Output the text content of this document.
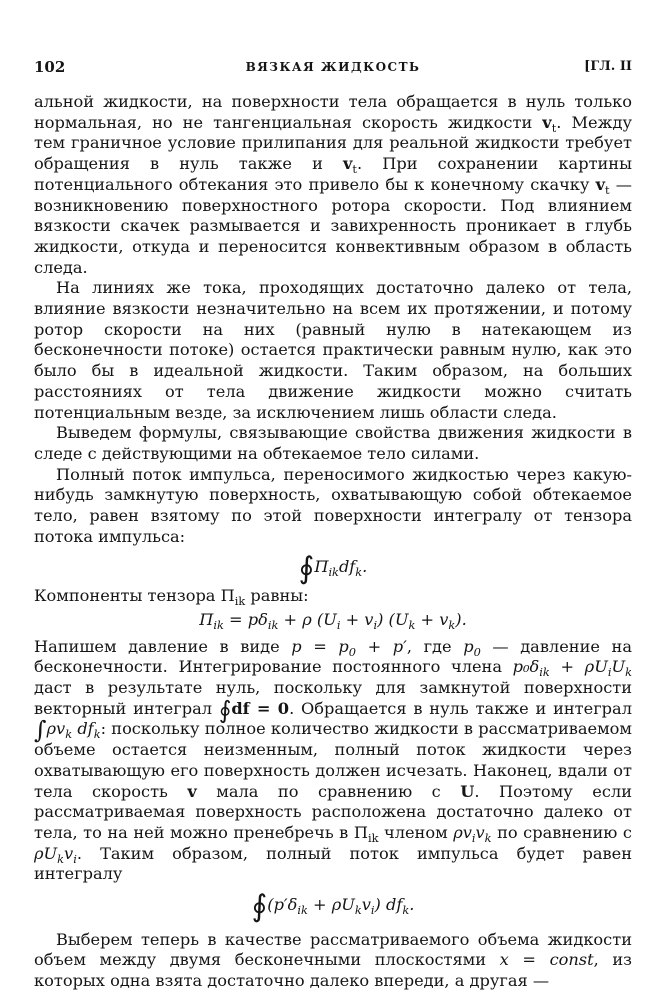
102	ВЯЗКАЯ ЖИДКОСТЬ	[ГЛ. II

альной жидкости, на поверхности тела обращается в нуль только нормальная, но не тангенциальная скорость жидкости $v_t$. Между тем граничное условие прилипания для реальной жидкости требует обращения в нуль также и $v_t$. При сохранении картины потенциального обтекания это привело бы к конечному скачку $v_t$ — возникновению поверхностного ротора скорости. Под влиянием вязкости скачек размывается и завихренность проникает в глубь жидкости, откуда и переносится конвективным образом в область следа.

На линиях же тока, проходящих достаточно далеко от тела, влияние вязкости незначительно на всем их протяжении, и потому ротор скорости на них (равный нулю в натекающем из бесконечности потоке) остается практически равным нулю, как это было бы в идеальной жидкости. Таким образом, на больших расстояниях от тела движение жидкости можно считать потенциальным везде, за исключением лишь области следа.

Выведем формулы, связывающие свойства движения жидкости в следе с действующими на обтекаемое тело силами.

Полный поток импульса, переносимого жидкостью через какую-нибудь замкнутую поверхность, охватывающую собой обтекаемое тело, равен взятому по этой поверхности интегралу от тензора потока импульса:

$∮\Pi_{ik}df_k$.

Компоненты тензора $\Pi_{ik}$ равны:

$\Pi_{ik} = p\delta_{ik} + \rho$ $(U_i + v_i) (U_k + v_k)$.

Напишем давление в виде $p = p_0 + p'$, где $p_0$ — давление на бесконечности. Интегрирование постоянного члена $p_0\delta_{ik} + \rho U_iU_k$ даст в результате нуль, поскольку для замкнутой поверхности векторный интеграл ∮df = 0. Обращается в нуль также и интеграл $\int\rho v_k$ $df_k$: поскольку полное количество жидкости в рассматриваемом объеме остается неизменным, полный поток жидкости через охватывающую его поверхность должен исчезать. Наконец, вдали от тела скорость v мала по сравнению с U. Поэтому если рассматриваемая поверхность расположена достаточно далеко от тела, то на ней можно пренебречь в $\Pi_{ik}$ членом $\rho v_iv_k$ по сравнению с $\rho U_kv_i$. Таким образом, полный поток импульса будет равен интегралу

$∮(p'\delta_{ik} + \rho U_kv_i)$ $df_k$.

Выберем теперь в качестве рассматриваемого объема жидкости объем между двумя бесконечными плоскостями x = const, из которых одна взята достаточно далеко впереди, а другая —
